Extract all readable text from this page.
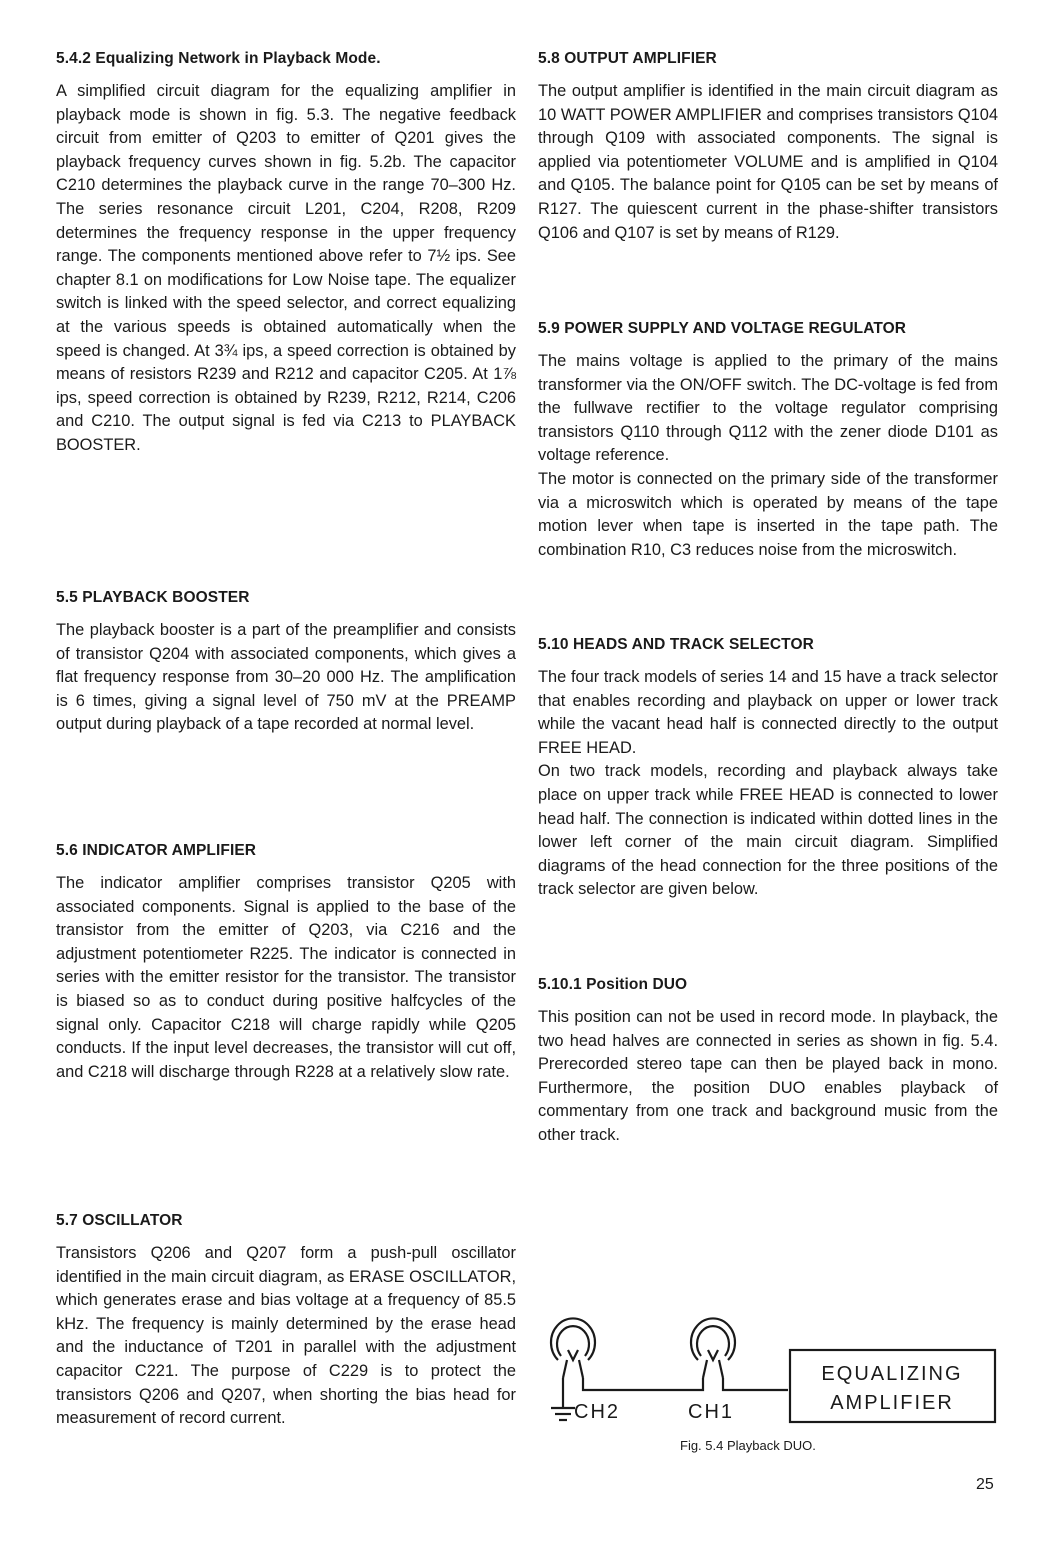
5.4.2 Equalizing Network in Playback Mode.

A simplified circuit diagram for the equalizing amplifier in playback mode is shown in fig. 5.3. The negative feedback circuit from emitter of Q203 to emitter of Q201 gives the playback frequency curves shown in fig. 5.2b. The capacitor C210 determines the playback curve in the range 70–300 Hz. The series resonance circuit L201, C204, R208, R209 determines the frequency response in the upper frequency range. The components mentioned above refer to 7½ ips. See chapter 8.1 on modifications for Low Noise tape. The equalizer switch is linked with the speed selector, and correct equalizing at the various speeds is obtained automatically when the speed is changed. At 3¾ ips, a speed correction is obtained by means of resistors R239 and R212 and capacitor C205. At 1⅞ ips, speed correction is obtained by R239, R212, R214, C206 and C210. The output signal is fed via C213 to PLAYBACK BOOSTER.

5.5 PLAYBACK BOOSTER

The playback booster is a part of the preamplifier and consists of transistor Q204 with associated components, which gives a flat frequency response from 30–20 000 Hz. The amplification is 6 times, giving a signal level of 750 mV at the PREAMP output during playback of a tape recorded at normal level.

5.6 INDICATOR AMPLIFIER

The indicator amplifier comprises transistor Q205 with associated components. Signal is applied to the base of the transistor from the emitter of Q203, via C216 and the adjustment potentiometer R225. The indicator is connected in series with the emitter resistor for the transistor. The transistor is biased so as to conduct during positive halfcycles of the signal only. Capacitor C218 will charge rapidly while Q205 conducts. If the input level decreases, the transistor will cut off, and C218 will discharge through R228 at a relatively slow rate.

5.7 OSCILLATOR

Transistors Q206 and Q207 form a push-pull oscillator identified in the main circuit diagram, as ERASE OSCILLATOR, which generates erase and bias voltage at a frequency of 85.5 kHz. The frequency is mainly determined by the erase head and the inductance of T201 in parallel with the adjustment capacitor C221. The purpose of C229 is to protect the transistors Q206 and Q207, when shorting the bias head for measurement of record current.

5.8 OUTPUT AMPLIFIER

The output amplifier is identified in the main circuit diagram as 10 WATT POWER AMPLIFIER and comprises transistors Q104 through Q109 with associated components. The signal is applied via potentiometer VOLUME and is amplified in Q104 and Q105. The balance point for Q105 can be set by means of R127. The quiescent current in the phase-shifter transistors Q106 and Q107 is set by means of R129.

5.9 POWER SUPPLY AND VOLTAGE REGULATOR

The mains voltage is applied to the primary of the mains transformer via the ON/OFF switch. The DC-voltage is fed from the fullwave rectifier to the voltage regulator comprising transistors Q110 through Q112 with the zener diode D101 as voltage reference.

The motor is connected on the primary side of the transformer via a microswitch which is operated by means of the tape motion lever when tape is inserted in the tape path. The combination R10, C3 reduces noise from the microswitch.

5.10 HEADS AND TRACK SELECTOR

The four track models of series 14 and 15 have a track selector that enables recording and playback on upper or lower track while the vacant head half is connected directly to the output FREE HEAD.

On two track models, recording and playback always take place on upper track while FREE HEAD is connected to lower head half. The connection is indicated within dotted lines in the lower left corner of the main circuit diagram. Simplified diagrams of the head connection for the three positions of the track selector are given below.

5.10.1 Position DUO

This position can not be used in record mode. In playback, the two head halves are connected in series as shown in fig. 5.4. Prerecorded stereo tape can then be played back in mono. Furthermore, the position DUO enables playback of commentary from one track and background music from the other track.

CH2	CH1
EQUALIZING
AMPLIFIER
Fig. 5.4 Playback DUO.
25
